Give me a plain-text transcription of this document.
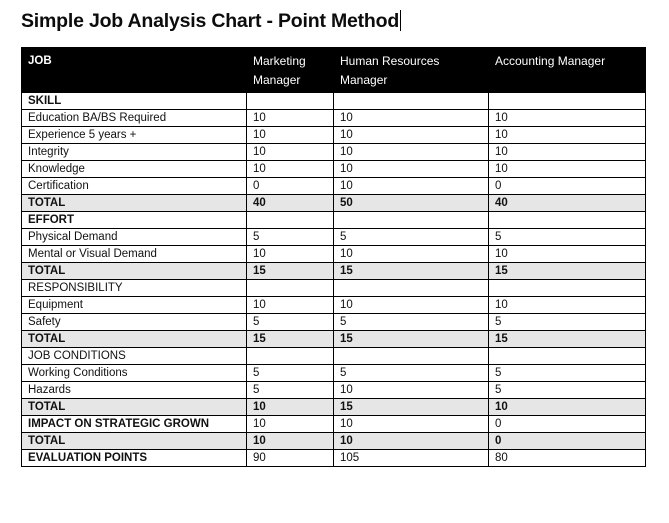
Simple Job Analysis Chart - Point Method
JOB	Marketing Manager	Human Resources Manager	Accounting Manager
SKILL			
Education BA/BS Required	10	10	10
Experience 5 years +	10	10	10
Integrity	10	10	10
Knowledge	10	10	10
Certification	0	10	0
TOTAL	40	50	40
EFFORT			
Physical Demand	5	5	5
Mental or Visual Demand	10	10	10
TOTAL	15	15	15
RESPONSIBILITY			
Equipment	10	10	10
Safety	5	5	5
TOTAL	15	15	15
JOB CONDITIONS			
Working Conditions	5	5	5
Hazards	5	10	5
TOTAL	10	15	10
IMPACT ON STRATEGIC GROWN	10	10	0
TOTAL	10	10	0
EVALUATION POINTS	90	105	80
